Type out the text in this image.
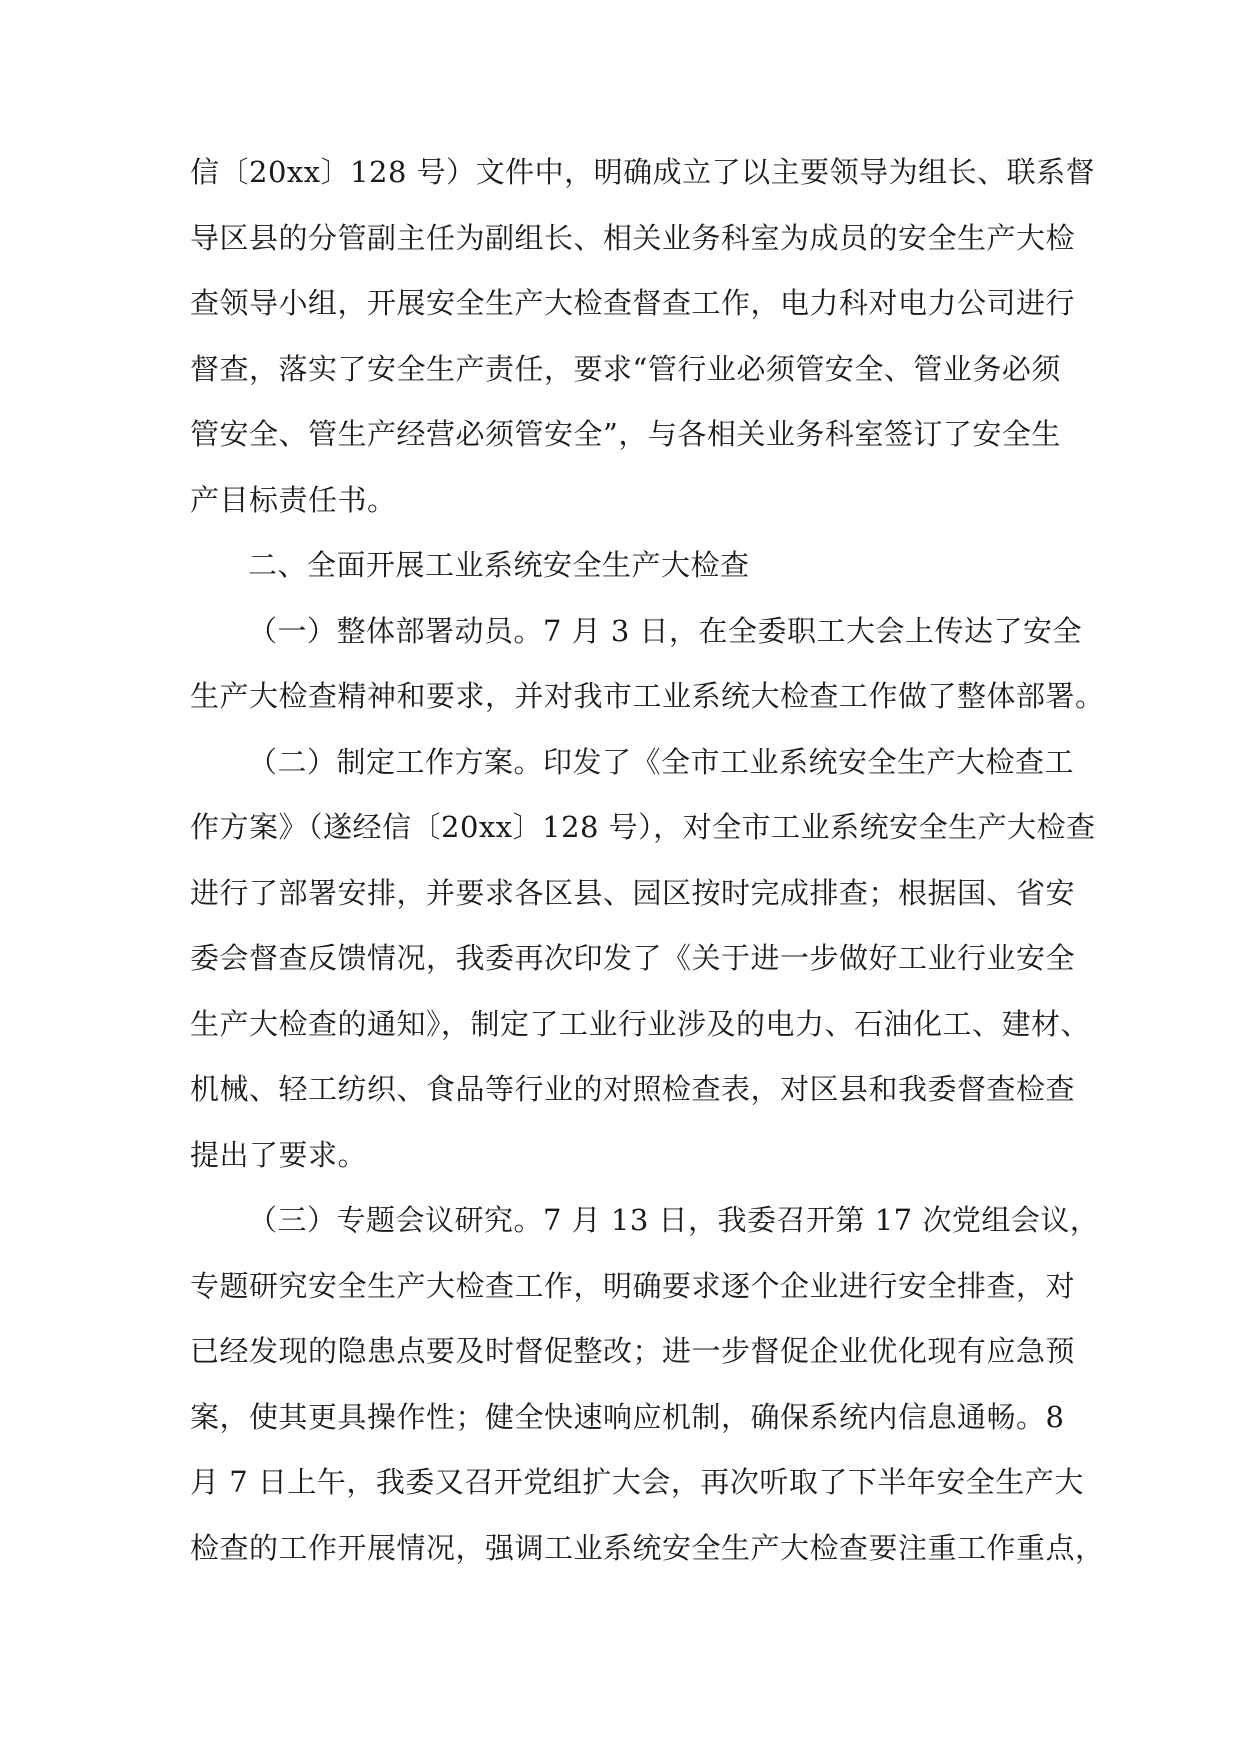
信〔20xx〕128 号）文件中，明确成立了以主要领导为组长、联系督
导区县的分管副主任为副组长、相关业务科室为成员的安全生产大检
查领导小组，开展安全生产大检查督查工作，电力科对电力公司进行
督查，落实了安全生产责任，要求“管行业必须管安全、管业务必须
管安全、管生产经营必须管安全”，与各相关业务科室签订了安全生
产目标责任书。
二、全面开展工业系统安全生产大检查
（一）整体部署动员。7 月 3 日，在全委职工大会上传达了安全
生产大检查精神和要求，并对我市工业系统大检查工作做了整体部署。
（二）制定工作方案。印发了《全市工业系统安全生产大检查工
作方案》（遂经信〔20xx〕128 号），对全市工业系统安全生产大检查
进行了部署安排，并要求各区县、园区按时完成排查；根据国、省安
委会督查反馈情况，我委再次印发了《关于进一步做好工业行业安全
生产大检查的通知》，制定了工业行业涉及的电力、石油化工、建材、
机械、轻工纺织、食品等行业的对照检查表，对区县和我委督查检查
提出了要求。
（三）专题会议研究。7 月 13 日，我委召开第 17 次党组会议，
专题研究安全生产大检查工作，明确要求逐个企业进行安全排查，对
已经发现的隐患点要及时督促整改；进一步督促企业优化现有应急预
案，使其更具操作性；健全快速响应机制，确保系统内信息通畅。8
月 7 日上午，我委又召开党组扩大会，再次听取了下半年安全生产大
检查的工作开展情况，强调工业系统安全生产大检查要注重工作重点，
